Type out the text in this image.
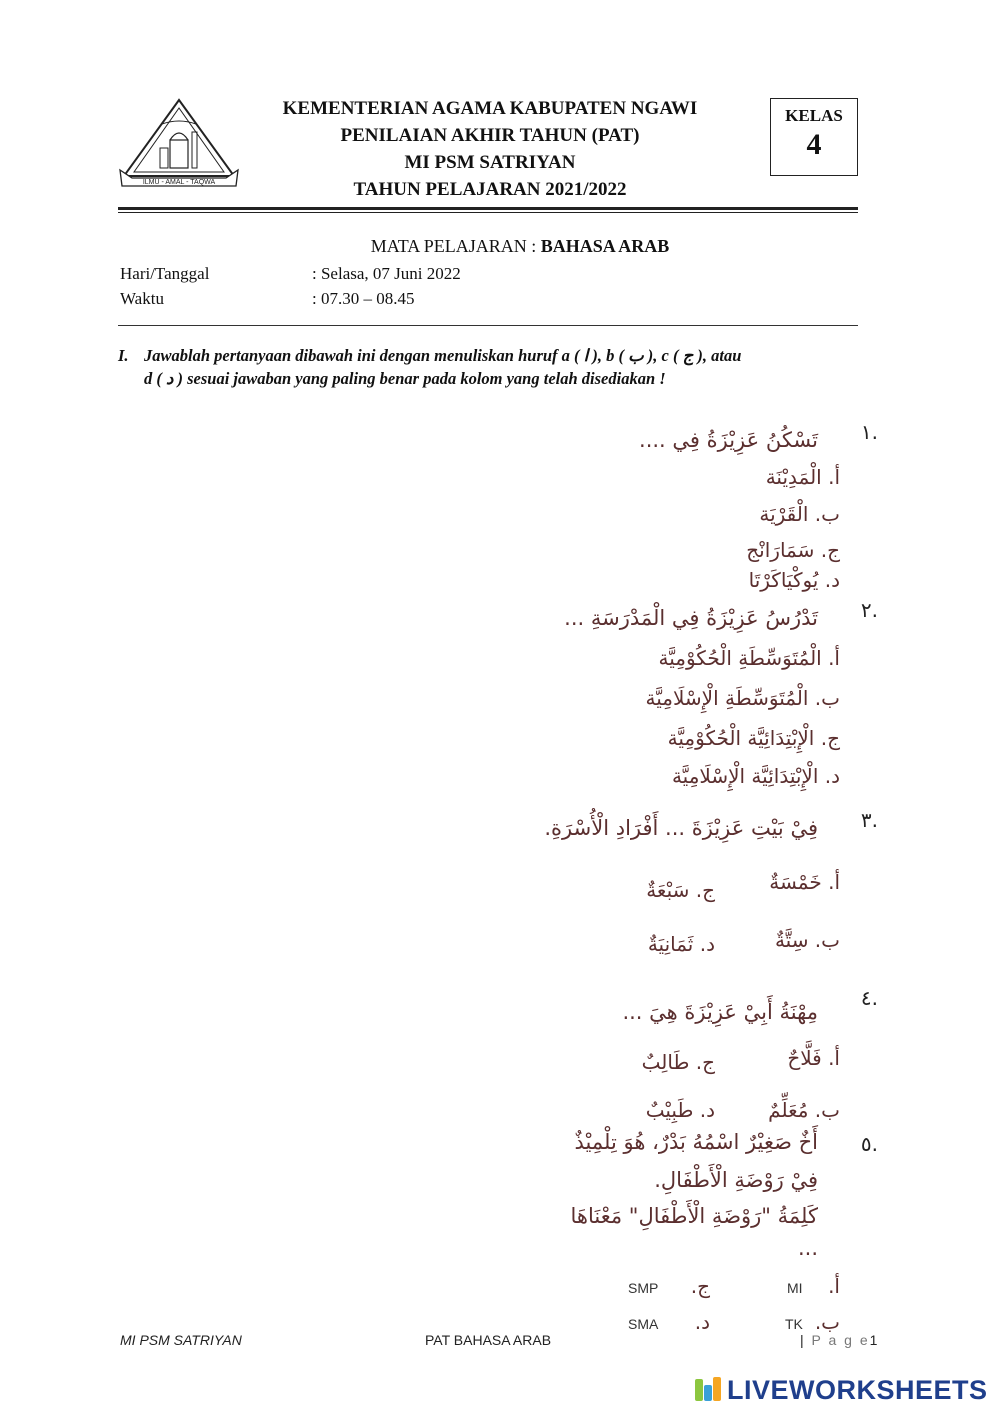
ILMU - AMAL - TAQWA
KEMENTERIAN AGAMA KABUPATEN NGAWI
PENILAIAN AKHIR TAHUN (PAT)
MI PSM SATRIYAN
TAHUN PELAJARAN 2021/2022
KELAS
4
MATA PELAJARAN : BAHASA ARAB
Hari/Tanggal	: Selasa, 07 Juni 2022
Waktu	: 07.30 – 08.45
I. Jawablah pertanyaan dibawah ini dengan menuliskan huruf a ( ا ), b ( ب ), c ( ج ), atau
d ( د ) sesuai jawaban yang paling benar pada kolom yang telah disediakan !
.١
تَسْكُنُ عَزِيْزَةُ فِي ....
أ. الْمَدِيْنَة
ب. الْقَرْيَة
ج. سَمَارَانْج
د. يُوكْيَاكَرْتَا
.٢
تَدْرُسُ عَزِيْزَةُ فِي الْمَدْرَسَةِ ...
أ. الْمُتَوَسِّطَةِ الْحُكُوْمِيَّة
ب. الْمُتَوَسِّطَةِ الْإِسْلَامِيَّة
ج. الْإِبْتِدَائِيَّة الْحُكُوْمِيَّة
د. الْإِبْتِدَائِيَّة الْإِسْلَامِيَّة
.٣
فِيْ بَيْتِ عَزِيْزَةَ ... أَفْرَادِ الْأُسْرَةِ.
أ. خَمْسَةٌ
ج. سَبْعَةٌ
ب. سِتَّةٌ
د. ثَمَانِيَةٌ
.٤
مِهْنَةُ أَبِيْ عَزِيْزَةَ هِيَ ...
أ. فَلَّاحٌ
ج. طَالِبٌ
ب. مُعَلِّمٌ
د. طَبِيْبٌ
.٥
أَخٌ صَغِيْرٌ اسْمُهُ بَدْرٌ، هُوَ تِلْمِيْذٌ
فِيْ رَوْضَةِ الْأَطْفَالِ.
كَلِمَةُ "رَوْضَةِ الْأَطْفَالِ" مَعْنَاهَا
...
أ.
MI
ج.
SMP
ب.
TK
د.
SMA
MI PSM SATRIYAN	PAT BAHASA ARAB	| P a g e1
LIVEWORKSHEETS
